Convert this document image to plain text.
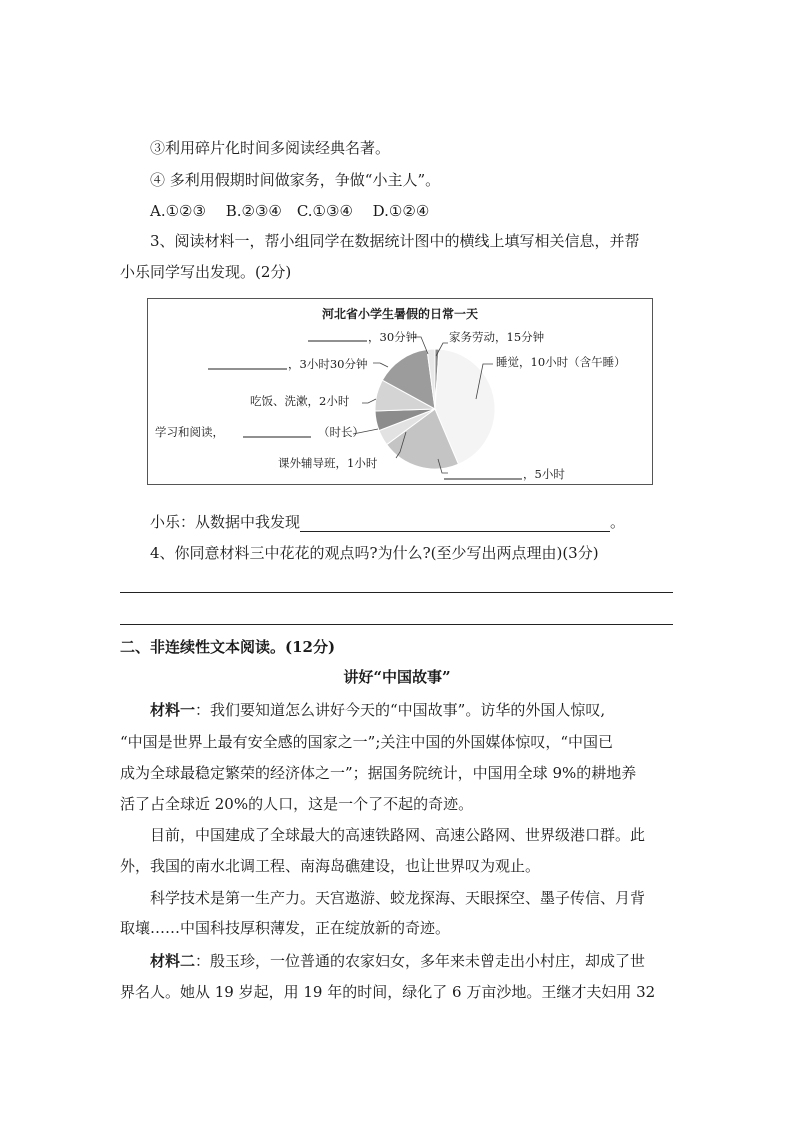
③利用碎片化时间多阅读经典名著。
④ 多利用假期时间做家务，争做“小主人”。
A.①②③　 B.②③④　C.①③④　 D.①②④
3、阅读材料一，帮小组同学在数据统计图中的横线上填写相关信息，并帮
小乐同学写出发现。(2分)
河北省小学生暑假的日常一天
，30分钟	家务劳动，15分钟
，3小时30分钟	睡觉，10小时（含午睡）
吃饭、洗漱，2小时
学习和阅读，	（时长）
课外辅导班，1小时
，5小时
小乐：从数据中我发现	。
4、你同意材料三中花花的观点吗?为什么?(至少写出两点理由)(3分)
二、非连续性文本阅读。(12分)
讲好“中国故事”
材料一：我们要知道怎么讲好今天的“中国故事”。访华的外国人惊叹,
“中国是世界上最有安全感的国家之一”;关注中国的外国媒体惊叹，“中国已
成为全球最稳定繁荣的经济体之一”；据国务院统计，中国用全球 9%的耕地养
活了占全球近 20%的人口，这是一个了不起的奇迹。
目前，中国建成了全球最大的高速铁路网、高速公路网、世界级港口群。此
外，我国的南水北调工程、南海岛礁建设，也让世界叹为观止。
科学技术是第一生产力。天宫遨游、蛟龙探海、天眼探空、墨子传信、月背
取壤……中国科技厚积薄发，正在绽放新的奇迹。
材料二：殷玉珍，一位普通的农家妇女，多年来未曾走出小村庄，却成了世
界名人。她从 19 岁起，用 19 年的时间，绿化了 6 万亩沙地。王继才夫妇用 32
